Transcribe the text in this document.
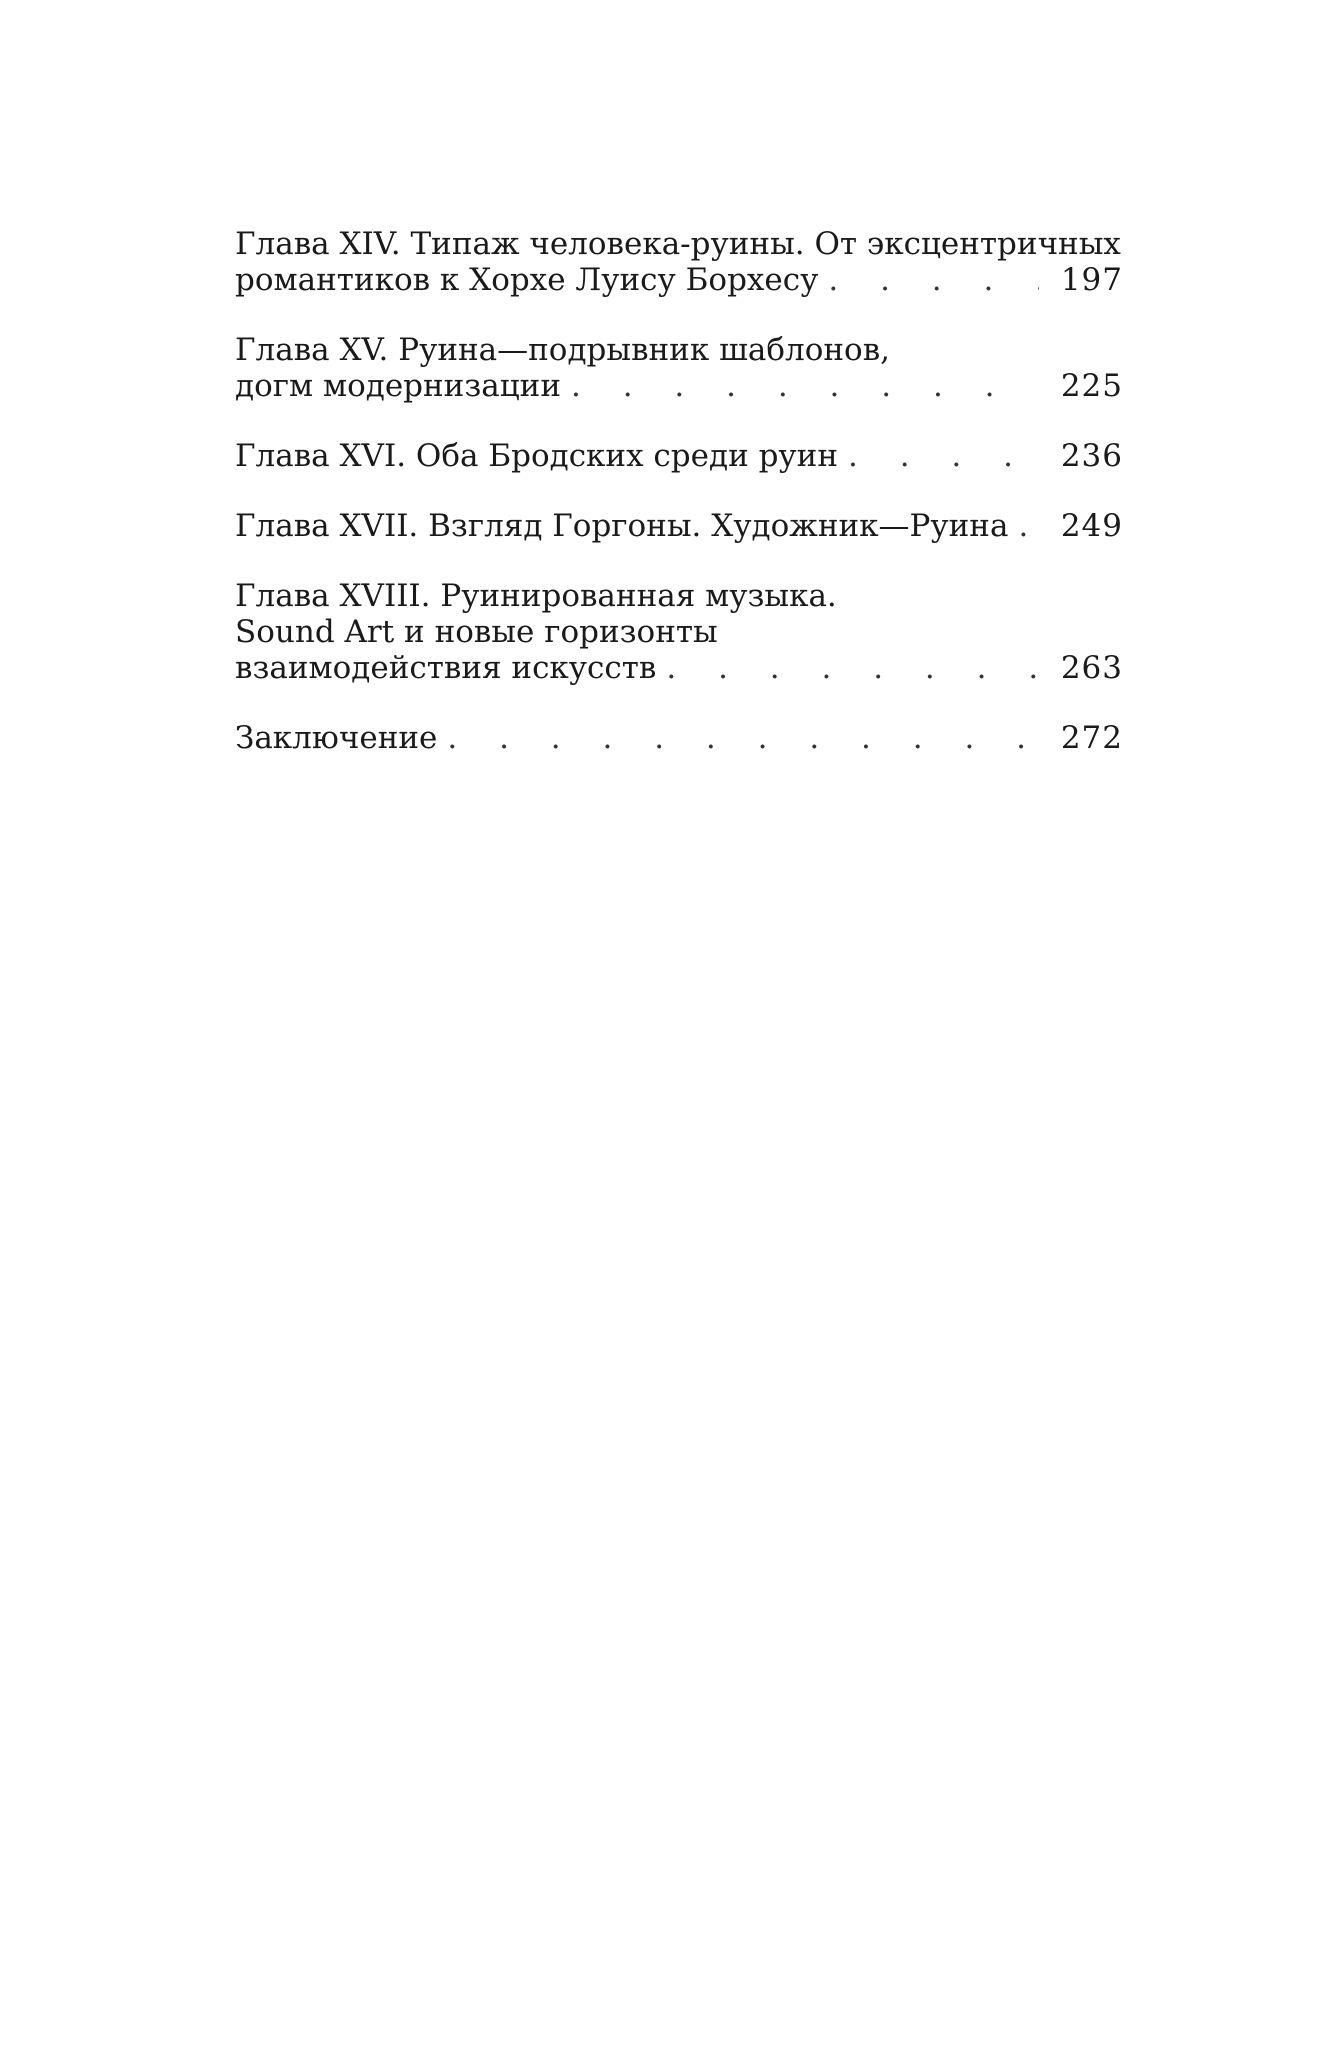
Глава XIV. Типаж человека-руины. От эксцентричных
романтиков к Хорхе Луису Борхесу . . .	197
Глава XV. Руина—подрывник шаблонов,
догм модернизации . . .	225
Глава XVI. Оба Бродских среди руин . . .	236
Глава XVII. Взгляд Горгоны. Художник—Руина . . . 249
Глава XVIII. Руинированная музыка.
Sound Art и новые горизонты
взаимодействия искусств . . .	263
Заключение . . .	272
